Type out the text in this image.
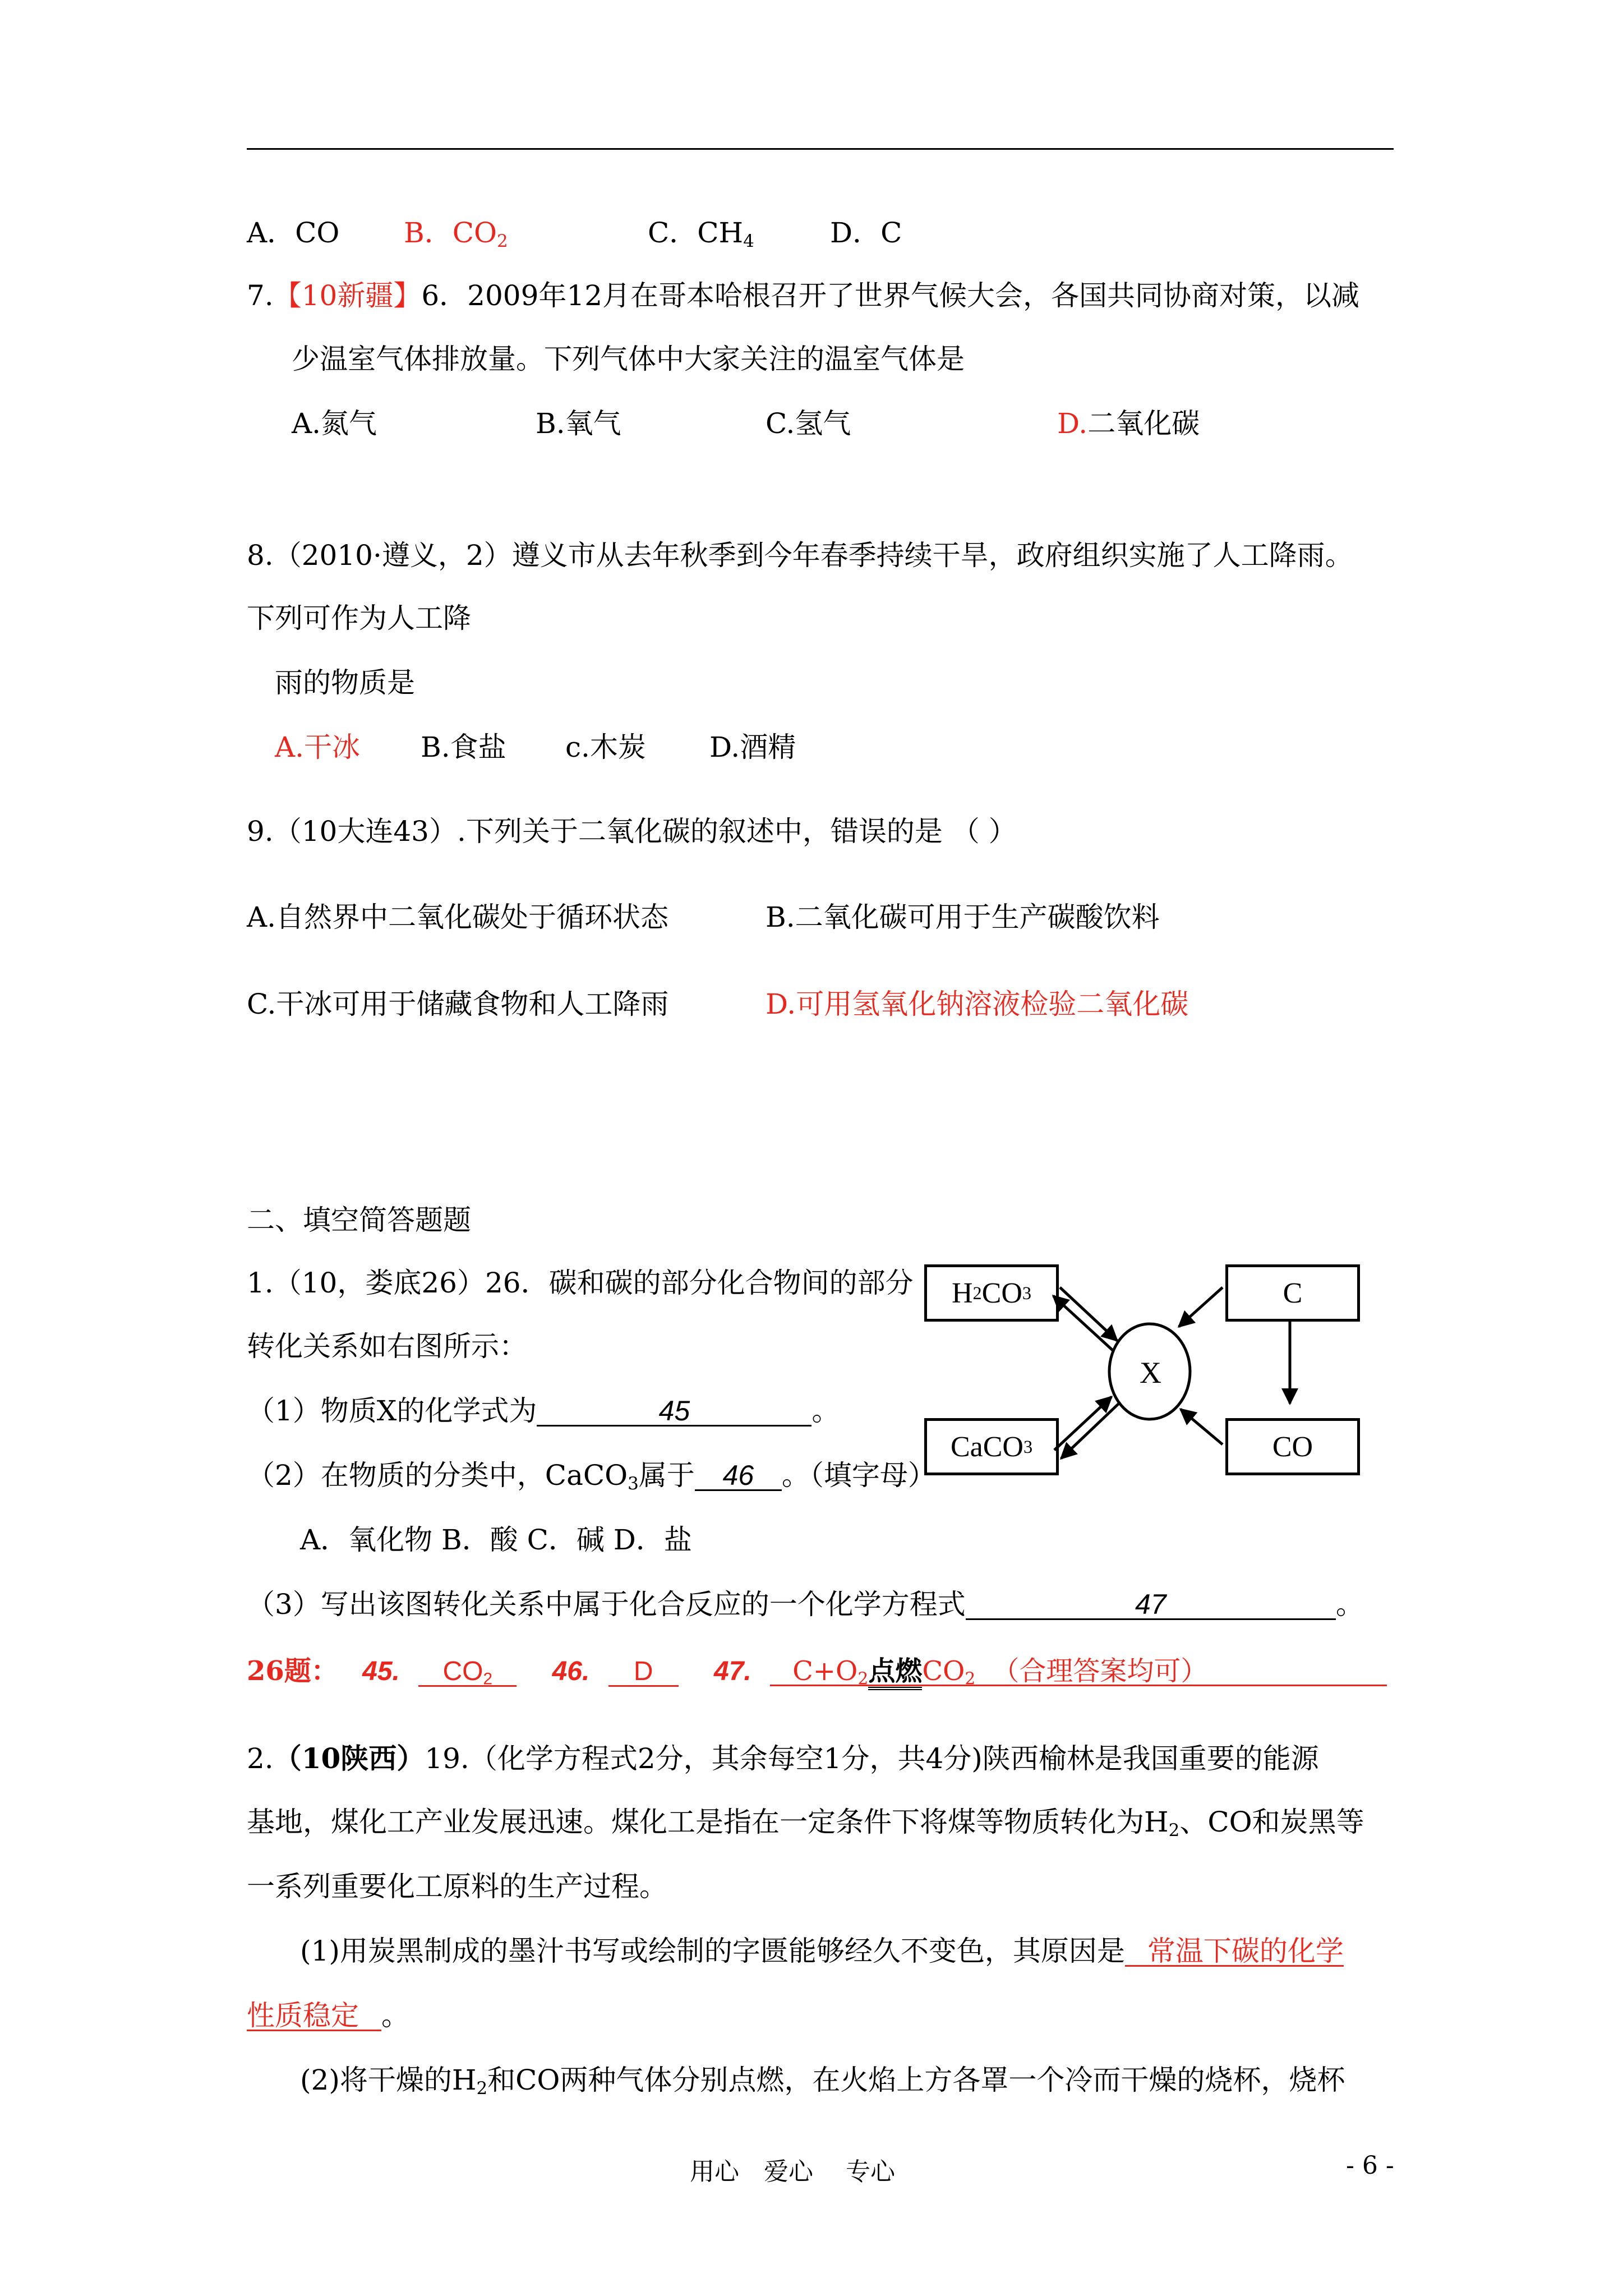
A．CO B．$CO_2$	C．$CH_4$	D．C
7.【10新疆】6．2009年12月在哥本哈根召开了世界气候大会，各国共同协商对策，以减
少温室气体排放量。下列气体中大家关注的温室气体是
A.氮气	B.氧气	C.氢气	D.二氧化碳
8.（2010·遵义，2）遵义市从去年秋季到今年春季持续干旱，政府组织实施了人工降雨。
下列可作为人工降
雨的物质是
A.干冰 B.食盐 c.木炭 D.酒精
9.（10大连43）.下列关于二氧化碳的叙述中，错误的是 （ ）
A.自然界中二氧化碳处于循环状态	B.二氧化碳可用于生产碳酸饮料
C.干冰可用于储藏食物和人工降雨	D.可用氢氧化钠溶液检验二氧化碳
二、填空简答题题
1.（10，娄底26）26．碳和碳的部分化合物间的部分
转化关系如右图所示：
（1）物质X的化学式为	45	。
（2）在物质的分类中，CaCO$_3$属于 46 。（填字母）
A．氧化物 B．酸 C．碱 D．盐
（3）写出该图转化关系中属于化合反应的一个化学方程式	47	。
X
H 2 CO 3	C
CaCO 3	CO
26题： 45. $CO_2$ 46. D 47. $C+O_2$点燃$CO_2$ （合理答案均可）
2.（10陕西）19.（化学方程式2分，其余每空1分，共4分)陕西榆林是我国重要的能源
基地，煤化工产业发展迅速。煤化工是指在一定条件下将煤等物质转化为$H_2$、CO和炭黑等
一系列重要化工原料的生产过程。
(1)用炭黑制成的墨汁书写或绘制的字匮能够经久不变色，其原因是 常温下碳的化学
性质稳定 。
(2)将干燥的$H_2$和CO两种气体分别点燃，在火焰上方各罩一个冷而干燥的烧杯，烧杯
用心　爱心　 专心	- 6 -
